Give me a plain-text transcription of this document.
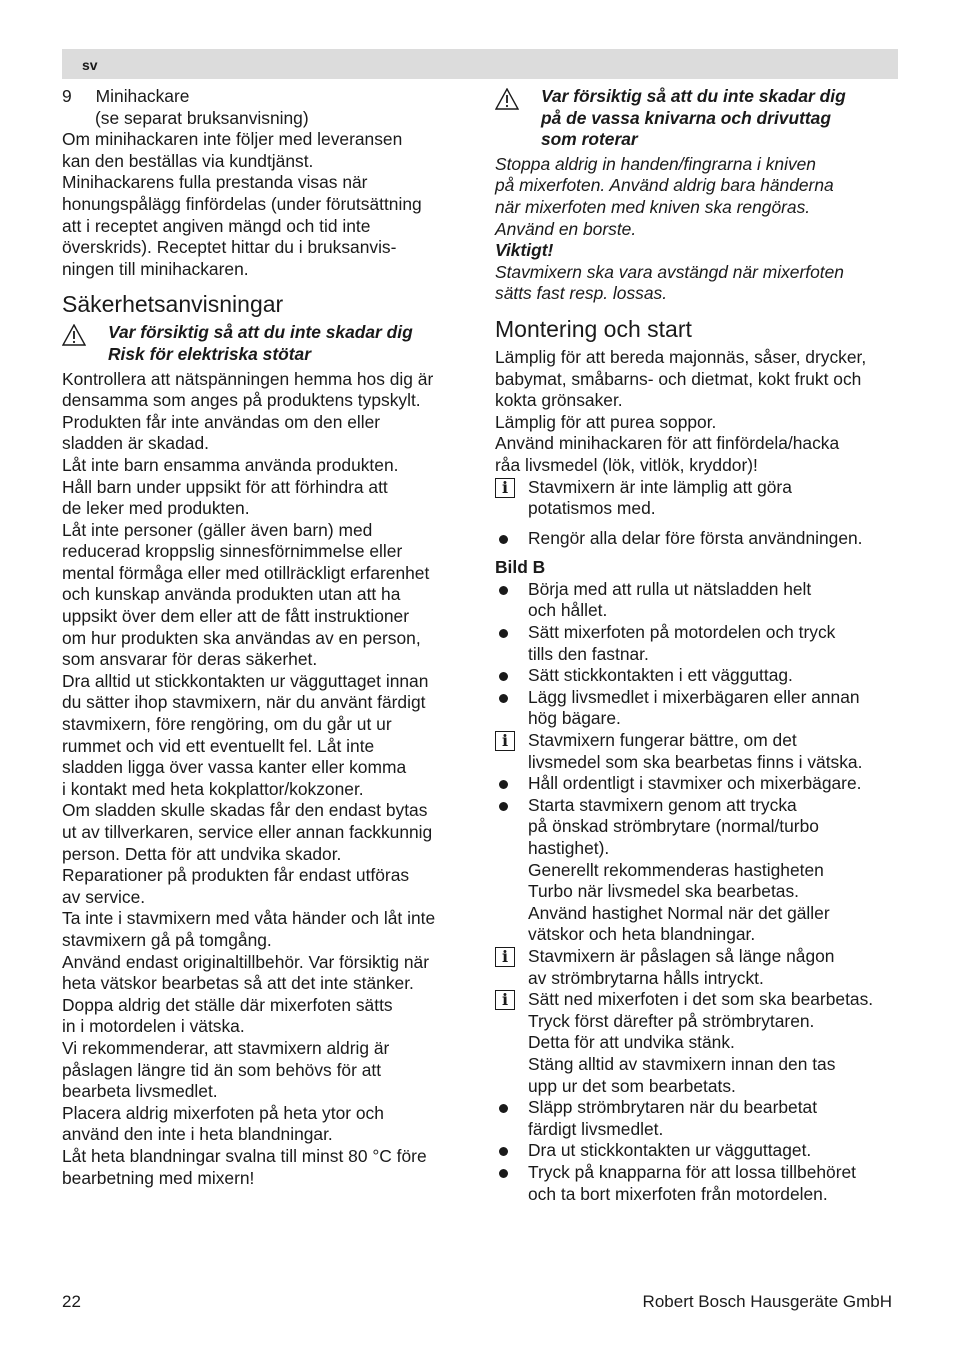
sv

9 Minihackare

(se separat bruksanvisning)

Om minihackaren inte följer med leveransen

kan den beställas via kundtjänst.

Minihackarens fulla prestanda visas när

honungspålägg finfördelas (under förutsättning

att i receptet angiven mängd och tid inte

överskrids). Receptet hittar du i bruksanvis-

ningen till minihackaren.

Säkerhetsanvisningar

Var försiktig så att du inte skadar dig

Risk för elektriska stötar

Kontrollera att nätspänningen hemma hos dig är

densamma som anges på produktens typskylt.

Produkten får inte användas om den eller

sladden är skadad.

Låt inte barn ensamma använda produkten.

Håll barn under uppsikt för att förhindra att

de leker med produkten.

Låt inte personer (gäller även barn) med

reducerad kroppslig sinnesförnimmelse eller

mental förmåga eller med otillräckligt erfarenhet

och kunskap använda produkten utan att ha

uppsikt över dem eller att de fått instruktioner

om hur produkten ska användas av en person,

som ansvarar för deras säkerhet.

Dra alltid ut stickkontakten ur vägguttaget innan

du sätter ihop stavmixern, när du använt färdigt

stavmixern, före rengöring, om du går ut ur

rummet och vid ett eventuellt fel. Låt inte

sladden ligga över vassa kanter eller komma

i kontakt med heta kokplattor/kokzoner.

Om sladden skulle skadas får den endast bytas

ut av tillverkaren, service eller annan fackkunnig

person. Detta för att undvika skador.

Reparationer på produkten får endast utföras

av service.

Ta inte i stavmixern med våta händer och låt inte

stavmixern gå på tomgång.

Använd endast originaltillbehör. Var försiktig när

heta vätskor bearbetas så att det inte stänker.

Doppa aldrig det ställe där mixerfoten sätts

in i motordelen i vätska.

Vi rekommenderar, att stavmixern aldrig är

påslagen längre tid än som behövs för att

bearbeta livsmedlet.

Placera aldrig mixerfoten på heta ytor och

använd den inte i heta blandningar.

Låt heta blandningar svalna till minst 80 °C före

bearbetning med mixern!

Var försiktig så att du inte skadar dig

på de vassa knivarna och drivuttag

som roterar

Stoppa aldrig in handen/fingrarna i kniven

på mixerfoten. Använd aldrig bara händerna

när mixerfoten med kniven ska rengöras.

Använd en borste.

Viktigt!

Stavmixern ska vara avstängd när mixerfoten

sätts fast resp. lossas.

Montering och start

Lämplig för att bereda majonnäs, såser, drycker,

babymat, småbarns- och dietmat, kokt frukt och

kokta grönsaker.

Lämplig för att purea soppor.

Använd minihackaren för att finfördela/hacka

råa livsmedel (lök, vitlök, kryddor)!

i	Stavmixern är inte lämplig att göra

potatismos med.

Rengör alla delar före första användningen.

Bild B

Börja med att rulla ut nätsladden helt

och hållet.

Sätt mixerfoten på motordelen och tryck

tills den fastnar.

Sätt stickkontakten i ett vägguttag.

Lägg livsmedlet i mixerbägaren eller annan

hög bägare.

i	Stavmixern fungerar bättre, om det

livsmedel som ska bearbetas finns i vätska.

Håll ordentligt i stavmixer och mixerbägare.

Starta stavmixern genom att trycka

på önskad strömbrytare (normal/turbo

hastighet).

Generellt rekommenderas hastigheten

Turbo när livsmedel ska bearbetas.

Använd hastighet Normal när det gäller

vätskor och heta blandningar.

i	Stavmixern är påslagen så länge någon

av strömbrytarna hålls intryckt.

i	Sätt ned mixerfoten i det som ska bearbetas.

Tryck först därefter på strömbrytaren.

Detta för att undvika stänk.

Stäng alltid av stavmixern innan den tas

upp ur det som bearbetats.

Släpp strömbrytaren när du bearbetat

färdigt livsmedlet.

Dra ut stickkontakten ur vägguttaget.

Tryck på knapparna för att lossa tillbehöret

och ta bort mixerfoten från motordelen.

22	Robert Bosch Hausgeräte GmbH
